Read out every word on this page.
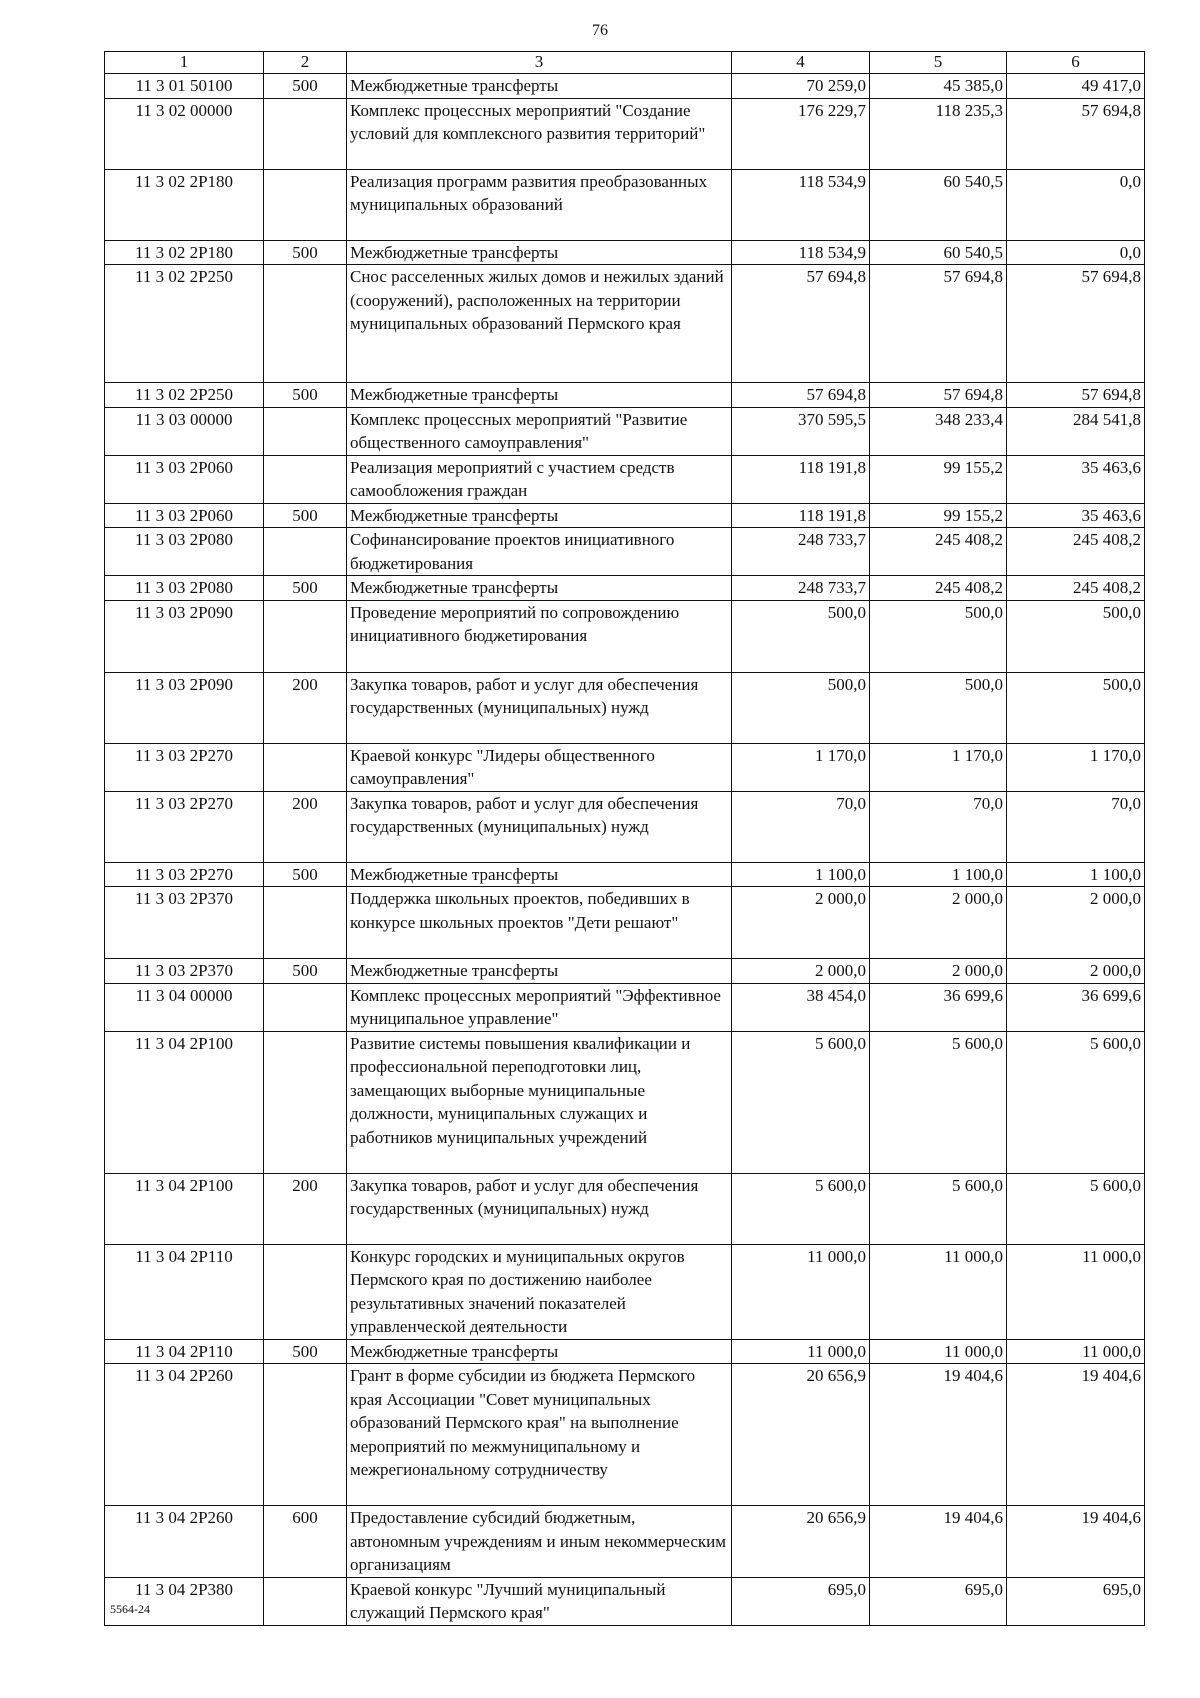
76
1	2	3	4	5	6
11 3 01 50100	500	Межбюджетные трансферты	70 259,0	45 385,0	49 417,0
11 3 02 00000		Комплекс процессных мероприятий "Создание условий для комплексного развития территорий"	176 229,7	118 235,3	57 694,8
11 3 02 2P180		Реализация программ развития преобразованных муниципальных образований	118 534,9	60 540,5	0,0
11 3 02 2P180	500	Межбюджетные трансферты	118 534,9	60 540,5	0,0
11 3 02 2P250		Снос расселенных жилых домов и нежилых зданий (сооружений), расположенных на территории муниципальных образований Пермского края	57 694,8	57 694,8	57 694,8
11 3 02 2P250	500	Межбюджетные трансферты	57 694,8	57 694,8	57 694,8
11 3 03 00000		Комплекс процессных мероприятий "Развитие общественного самоуправления"	370 595,5	348 233,4	284 541,8
11 3 03 2P060		Реализация мероприятий с участием средств самообложения граждан	118 191,8	99 155,2	35 463,6
11 3 03 2P060	500	Межбюджетные трансферты	118 191,8	99 155,2	35 463,6
11 3 03 2P080		Софинансирование проектов инициативного бюджетирования	248 733,7	245 408,2	245 408,2
11 3 03 2P080	500	Межбюджетные трансферты	248 733,7	245 408,2	245 408,2
11 3 03 2P090		Проведение мероприятий по сопровождению инициативного бюджетирования	500,0	500,0	500,0
11 3 03 2P090	200	Закупка товаров, работ и услуг для обеспечения государственных (муниципальных) нужд	500,0	500,0	500,0
11 3 03 2P270		Краевой конкурс "Лидеры общественного самоуправления"	1 170,0	1 170,0	1 170,0
11 3 03 2P270	200	Закупка товаров, работ и услуг для обеспечения государственных (муниципальных) нужд	70,0	70,0	70,0
11 3 03 2P270	500	Межбюджетные трансферты	1 100,0	1 100,0	1 100,0
11 3 03 2P370		Поддержка школьных проектов, победивших в конкурсе школьных проектов "Дети решают"	2 000,0	2 000,0	2 000,0
11 3 03 2P370	500	Межбюджетные трансферты	2 000,0	2 000,0	2 000,0
11 3 04 00000		Комплекс процессных мероприятий "Эффективное муниципальное управление"	38 454,0	36 699,6	36 699,6
11 3 04 2P100		Развитие системы повышения квалификации и профессиональной переподготовки лиц, замещающих выборные муниципальные должности, муниципальных служащих и работников муниципальных учреждений	5 600,0	5 600,0	5 600,0
11 3 04 2P100	200	Закупка товаров, работ и услуг для обеспечения государственных (муниципальных) нужд	5 600,0	5 600,0	5 600,0
11 3 04 2P110		Конкурс городских и муниципальных округов Пермского края по достижению наиболее результативных значений показателей управленческой деятельности	11 000,0	11 000,0	11 000,0
11 3 04 2P110	500	Межбюджетные трансферты	11 000,0	11 000,0	11 000,0
11 3 04 2P260		Грант в форме субсидии из бюджета Пермского края Ассоциации "Совет муниципальных образований Пермского края" на выполнение мероприятий по межмуниципальному и межрегиональному сотрудничеству	20 656,9	19 404,6	19 404,6
11 3 04 2P260	600	Предоставление субсидий бюджетным, автономным учреждениям и иным некоммерческим организациям	20 656,9	19 404,6	19 404,6
11 3 04 2P380		Краевой конкурс "Лучший муниципальный служащий Пермского края"	695,0	695,0	695,0
5564-24
